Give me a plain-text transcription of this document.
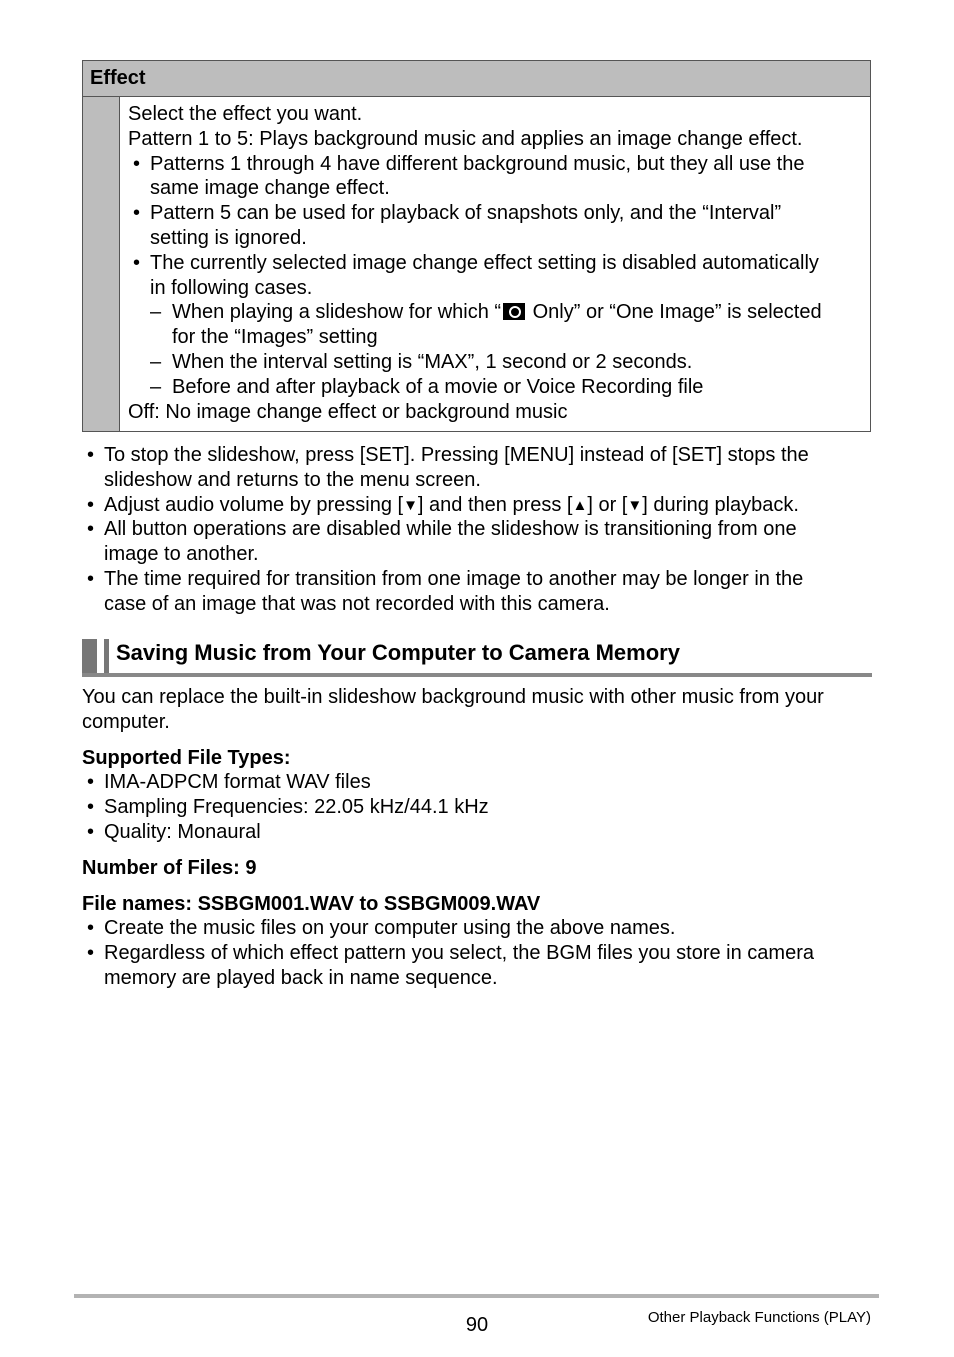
Effect
Select the effect you want.
Pattern 1 to 5: Plays background music and applies an image change effect.
• Patterns 1 through 4 have different background music, but they all use the
same image change effect.
• Pattern 5 can be used for playback of snapshots only, and the “Interval”
setting is ignored.
• The currently selected image change effect setting is disabled automatically
in following cases.
– When playing a slideshow for which “ Only” or “One Image” is selected
for the “Images” setting
– When the interval setting is “MAX”, 1 second or 2 seconds.
– Before and after playback of a movie or Voice Recording file
Off: No image change effect or background music
• To stop the slideshow, press [SET]. Pressing [MENU] instead of [SET] stops the
slideshow and returns to the menu screen.
• Adjust audio volume by pressing [▼] and then press [▲] or [▼] during playback.
• All button operations are disabled while the slideshow is transitioning from one
image to another.
• The time required for transition from one image to another may be longer in the
case of an image that was not recorded with this camera.
Saving Music from Your Computer to Camera Memory
You can replace the built-in slideshow background music with other music from your
computer.
Supported File Types:
• IMA-ADPCM format WAV files
• Sampling Frequencies: 22.05 kHz/44.1 kHz
• Quality: Monaural
Number of Files: 9
File names: SSBGM001.WAV to SSBGM009.WAV
• Create the music files on your computer using the above names.
• Regardless of which effect pattern you select, the BGM files you store in camera
memory are played back in name sequence.
90	Other Playback Functions (PLAY)
